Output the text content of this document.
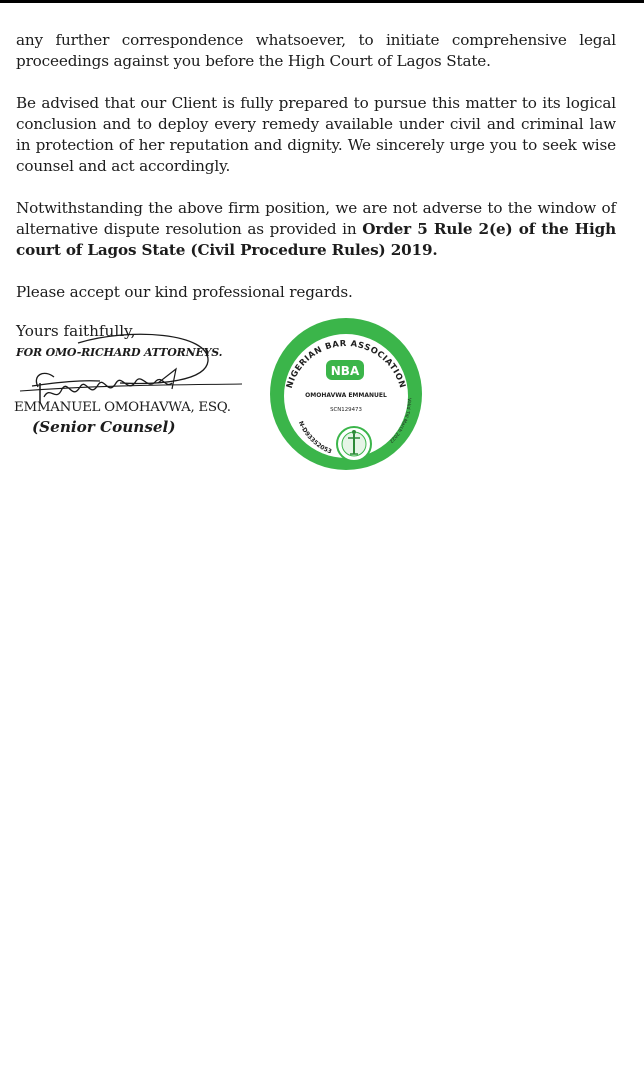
any further correspondence whatsoever, to initiate comprehensive legal proceedings against you before the High Court of Lagos State.

Be advised that our Client is fully prepared to pursue this matter to its logical conclusion and to deploy every remedy available under civil and criminal law in protection of her reputation and dignity. We sincerely urge you to seek wise counsel and act accordingly.

Notwithstanding the above firm position, we are not adverse to the window of alternative dispute resolution as provided in Order 5 Rule 2(e) of the High court of Lagos State (Civil Procedure Rules) 2019.

Please accept our kind professional regards.

Yours faithfully,

FOR OMO-RICHARD ATTORNEYS.

EMMANUEL OMOHAVWA, ESQ.

(Senior Counsel)

NIGERIAN BAR ASSOCIATION
NBA
OMOHAVWA EMMANUEL
SCN129473
N-D93352053
Valid Till March 2022
